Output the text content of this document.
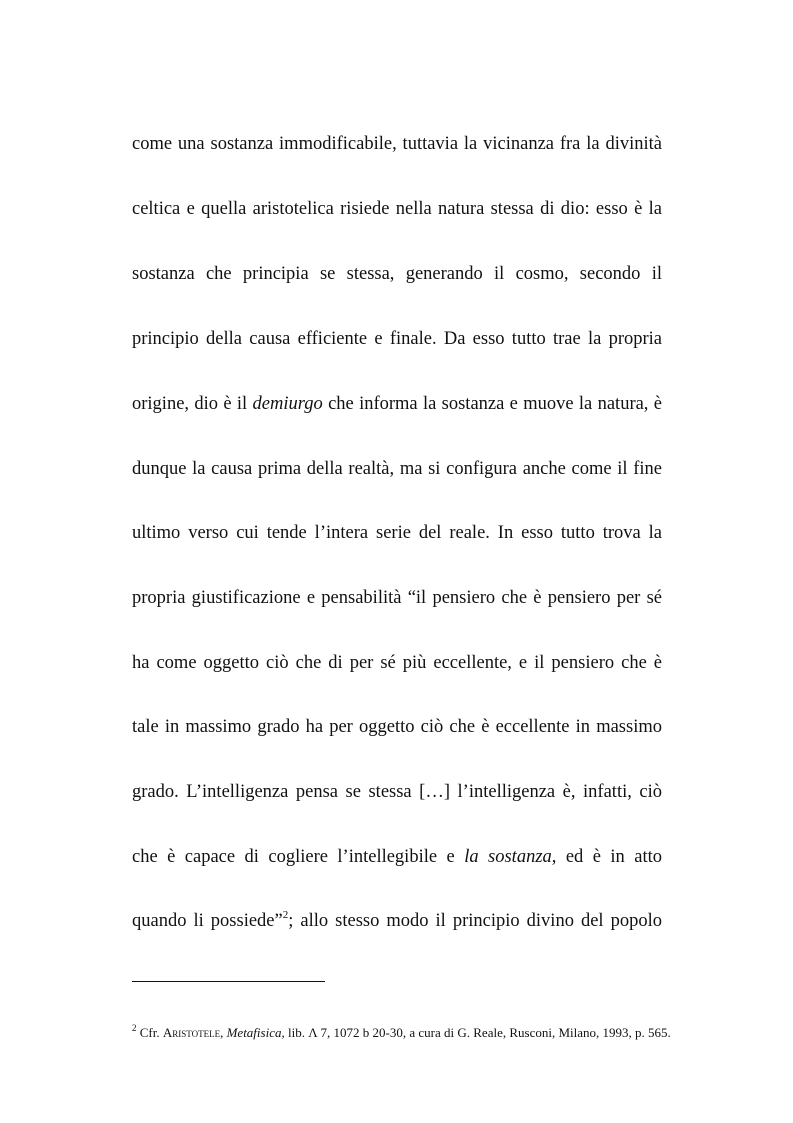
come una sostanza immodificabile, tuttavia la vicinanza fra la divinità
celtica e quella aristotelica risiede nella natura stessa di dio: esso è la
sostanza che principia se stessa, generando il cosmo, secondo il
principio della causa efficiente e finale. Da esso tutto trae la propria
origine, dio è il demiurgo che informa la sostanza e muove la natura, è
dunque la causa prima della realtà, ma si configura anche come il fine
ultimo verso cui tende l’intera serie del reale. In esso tutto trova la
propria giustificazione e pensabilità “il pensiero che è pensiero per sé
ha come oggetto ciò che di per sé più eccellente, e il pensiero che è
tale in massimo grado ha per oggetto ciò che è eccellente in massimo
grado. L’intelligenza pensa se stessa […] l’intelligenza è, infatti, ciò
che è capace di cogliere l’intellegibile e la sostanza, ed è in atto
quando li possiede”$^2$; allo stesso modo il principio divino del popolo
$^2$ Cfr. Aristotele, Metafisica, lib. Λ 7, 1072 b 20-30, a cura di G. Reale, Rusconi, Milano, 1993, p. 565.
